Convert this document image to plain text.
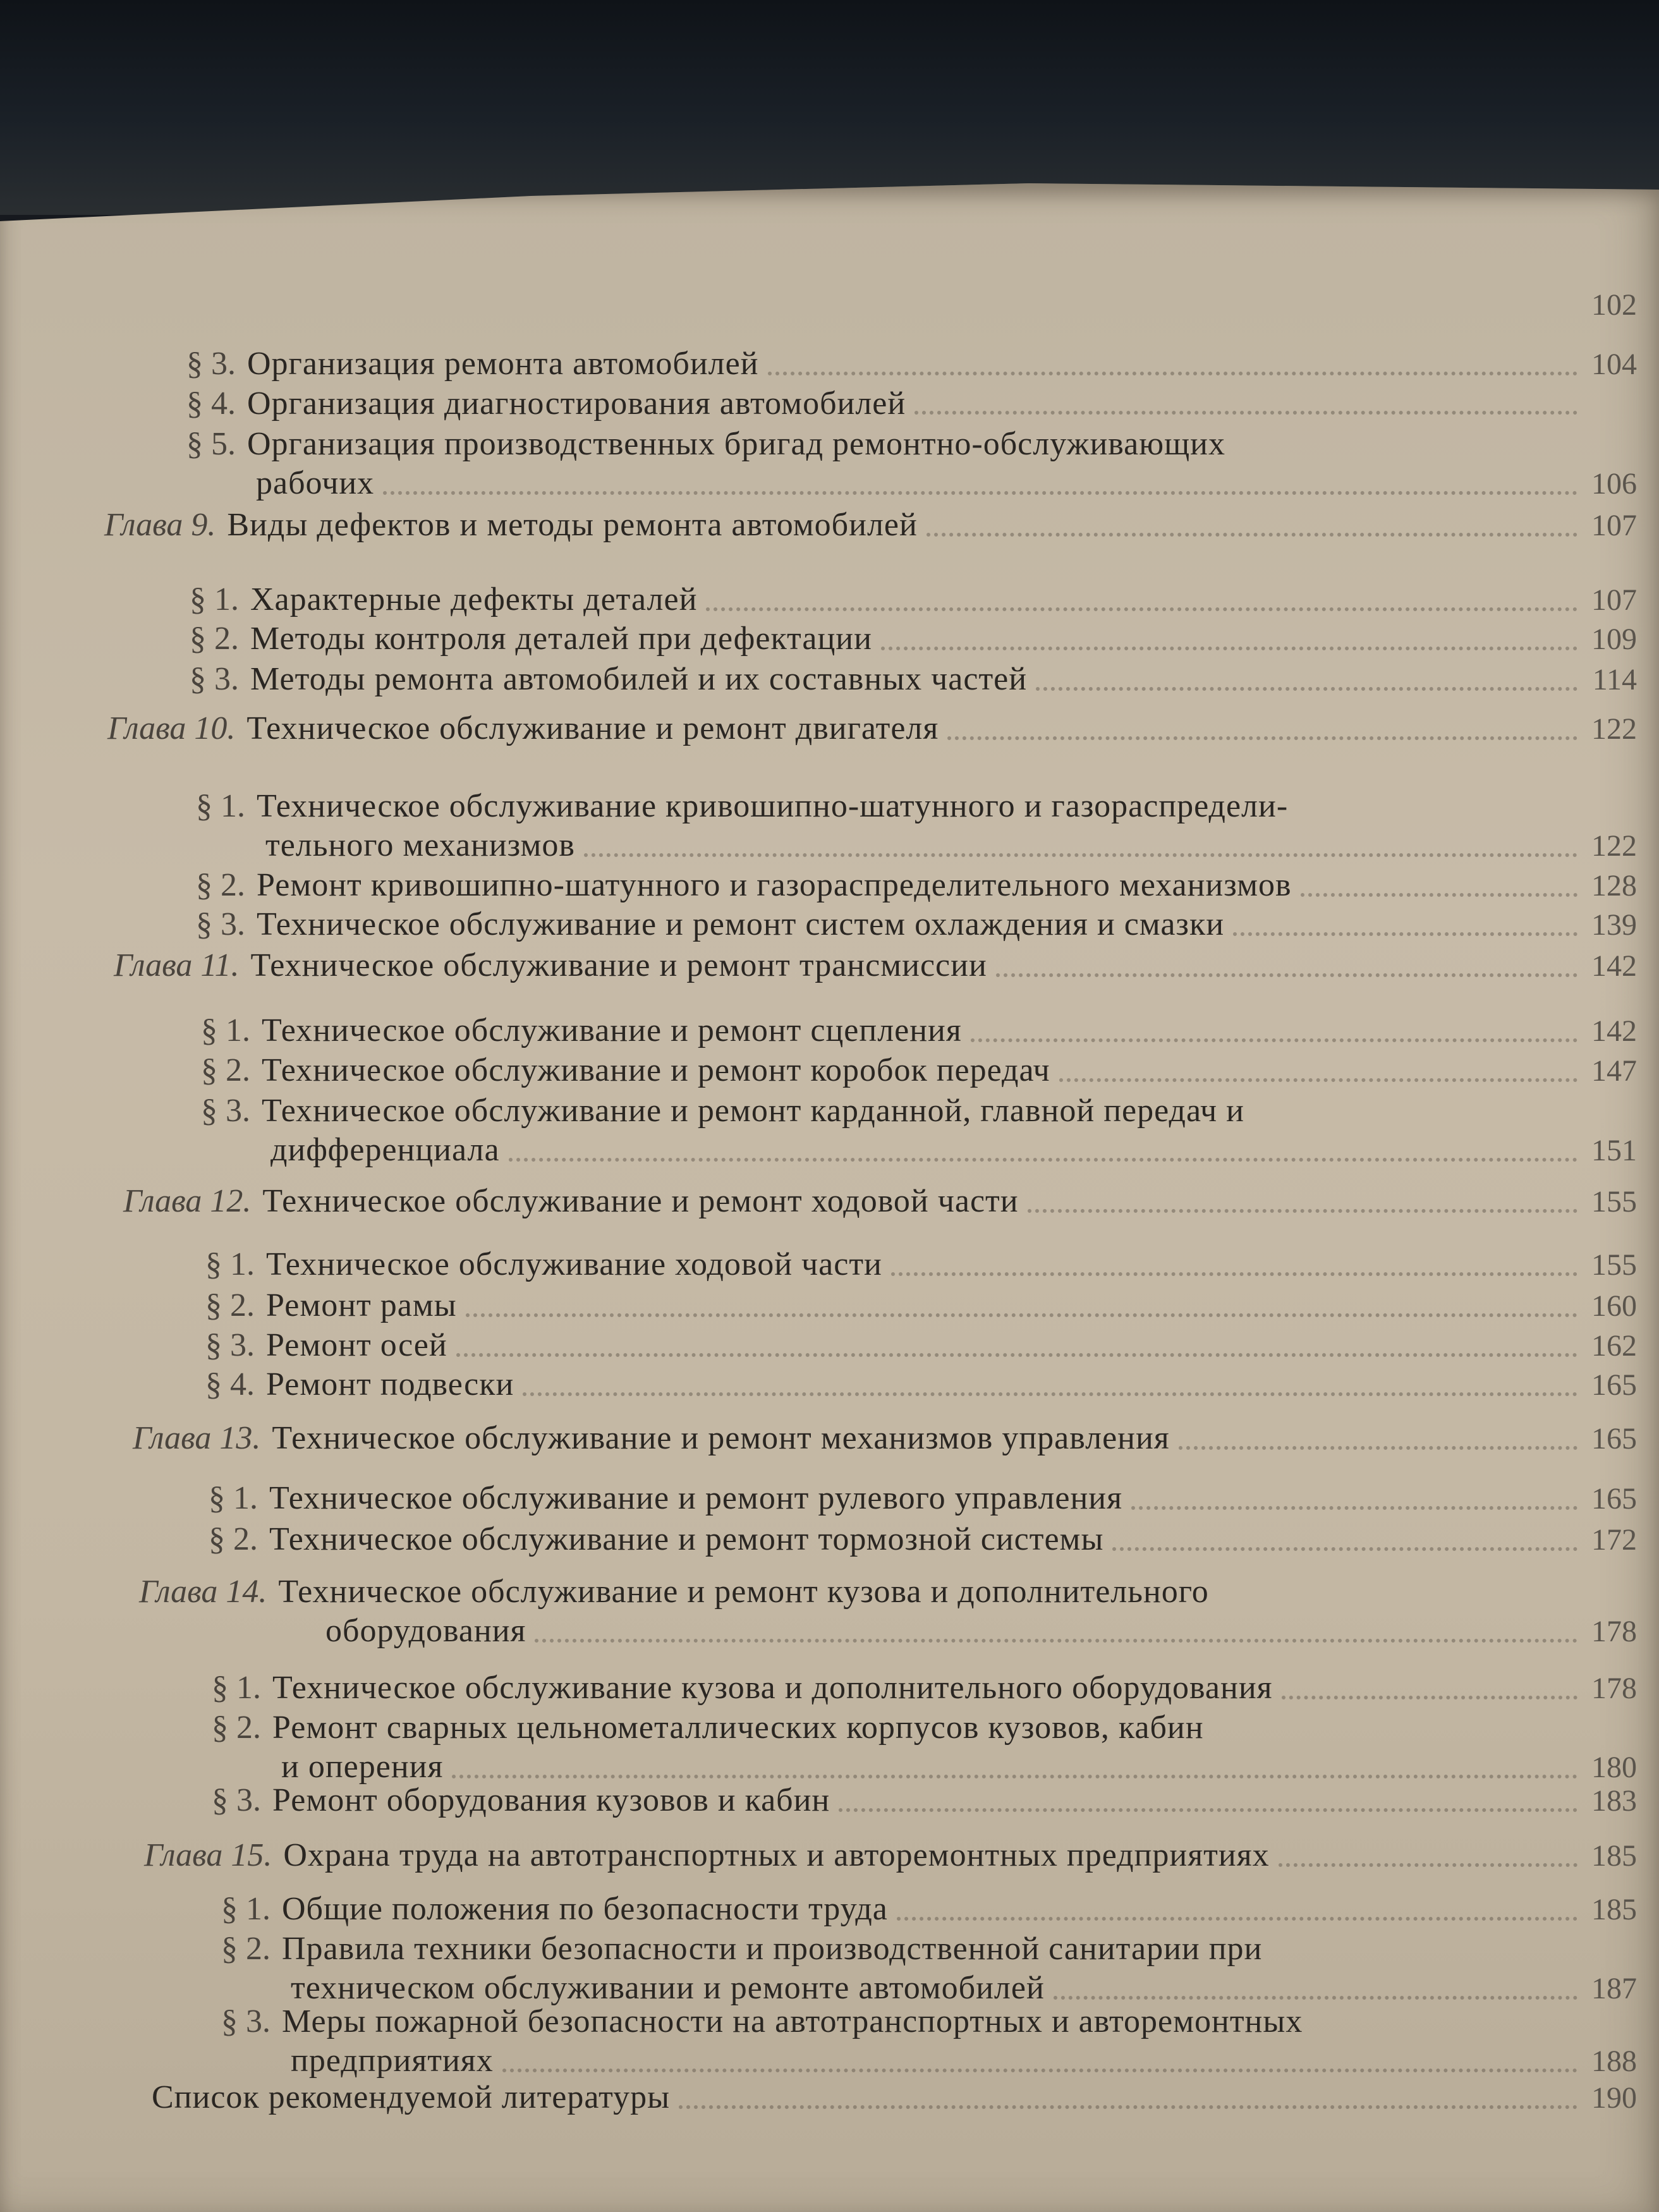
§ 3. Организация ремонта автомобилей	104
§ 4. Организация диагностирования автомобилей
§ 5. Организация производственных бригад ремонтно-обслуживающих
рабочих	106
Глава 9. Виды дефектов и методы ремонта автомобилей	107
§ 1. Характерные дефекты деталей	107
§ 2. Методы контроля деталей при дефектации	109
§ 3. Методы ремонта автомобилей и их составных частей	114
Глава 10. Техническое обслуживание и ремонт двигателя	122
§ 1. Техническое обслуживание кривошипно-шатунного и газораспредели-
тельного механизмов	122
§ 2. Ремонт кривошипно-шатунного и газораспределительного механизмов	128
§ 3. Техническое обслуживание и ремонт систем охлаждения и смазки	139
Глава 11. Техническое обслуживание и ремонт трансмиссии	142
§ 1. Техническое обслуживание и ремонт сцепления	142
§ 2. Техническое обслуживание и ремонт коробок передач	147
§ 3. Техническое обслуживание и ремонт карданной, главной передач и
дифференциала	151
Глава 12. Техническое обслуживание и ремонт ходовой части	155
§ 1. Техническое обслуживание ходовой части	155
§ 2. Ремонт рамы	160
§ 3. Ремонт осей	162
§ 4. Ремонт подвески	165
Глава 13. Техническое обслуживание и ремонт механизмов управления	165
§ 1. Техническое обслуживание и ремонт рулевого управления	165
§ 2. Техническое обслуживание и ремонт тормозной системы	172
Глава 14. Техническое обслуживание и ремонт кузова и дополнительного
оборудования	178
§ 1. Техническое обслуживание кузова и дополнительного оборудования	178
§ 2. Ремонт сварных цельнометаллических корпусов кузовов, кабин
и оперения	180
§ 3. Ремонт оборудования кузовов и кабин	183
Глава 15. Охрана труда на автотранспортных и авторемонтных предприятиях	185
§ 1. Общие положения по безопасности труда	185
§ 2. Правила техники безопасности и производственной санитарии при
техническом обслуживании и ремонте автомобилей	187
§ 3. Меры пожарной безопасности на автотранспортных и авторемонтных
предприятиях	188
Список рекомендуемой литературы	190
102
